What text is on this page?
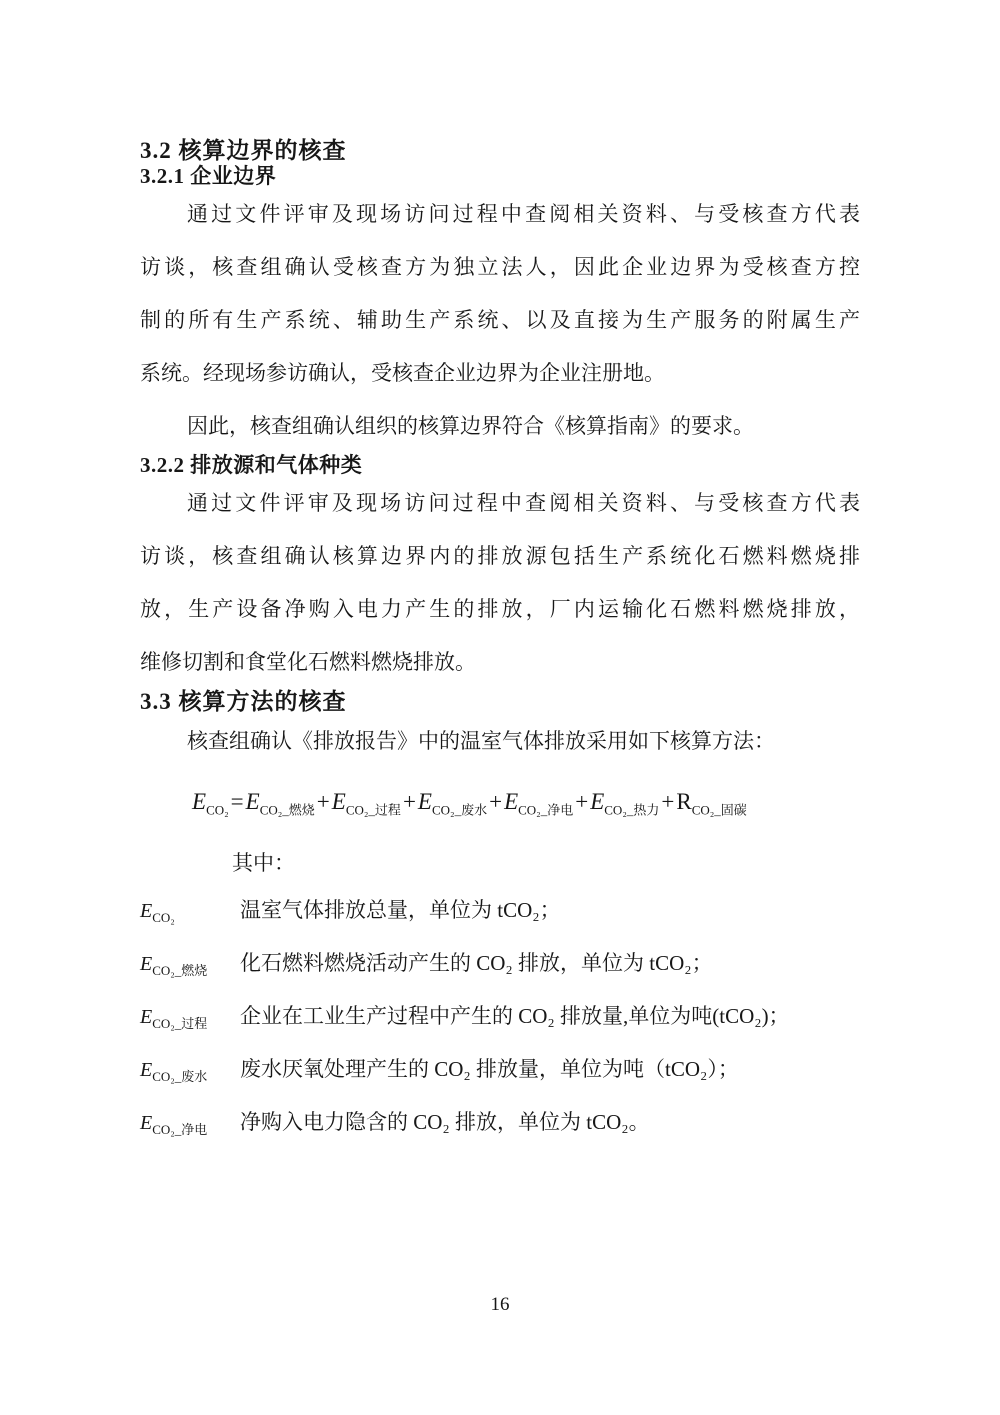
3.2 核算边界的核查
3.2.1 企业边界
通过文件评审及现场访问过程中查阅相关资料、与受核查方代表
访谈，核查组确认受核查方为独立法人，因此企业边界为受核查方控
制的所有生产系统、辅助生产系统、以及直接为生产服务的附属生产
系统。经现场参访确认，受核查企业边界为企业注册地。
因此，核查组确认组织的核算边界符合《核算指南》的要求。
3.2.2 排放源和气体种类
通过文件评审及现场访问过程中查阅相关资料、与受核查方代表
访谈，核查组确认核算边界内的排放源包括生产系统化石燃料燃烧排
放，生产设备净购入电力产生的排放，厂内运输化石燃料燃烧排放，
维修切割和食堂化石燃料燃烧排放。
3.3 核算方法的核查
核查组确认《排放报告》中的温室气体排放采用如下核算方法：
$E_{CO_2}=E_{CO_2\_燃烧}+E_{CO_2\_过程}+E_{CO_2\_废水}+E_{CO_2\_净电}+E_{CO_2\_热力}+R_{CO_2\_固碳}$
其中：
$E_{CO_2}$	温室气体排放总量，单位为 tCO₂；
$E_{CO_2\_燃烧}$	化石燃料燃烧活动产生的 CO₂ 排放，单位为 tCO₂；
$E_{CO_2\_过程}$	企业在工业生产过程中产生的 CO₂ 排放量,单位为吨(tCO₂)；
$E_{CO_2\_废水}$	废水厌氧处理产生的 CO₂ 排放量，单位为吨（tCO₂）；
$E_{CO_2\_净电}$	净购入电力隐含的 CO₂ 排放，单位为 tCO₂。
16
